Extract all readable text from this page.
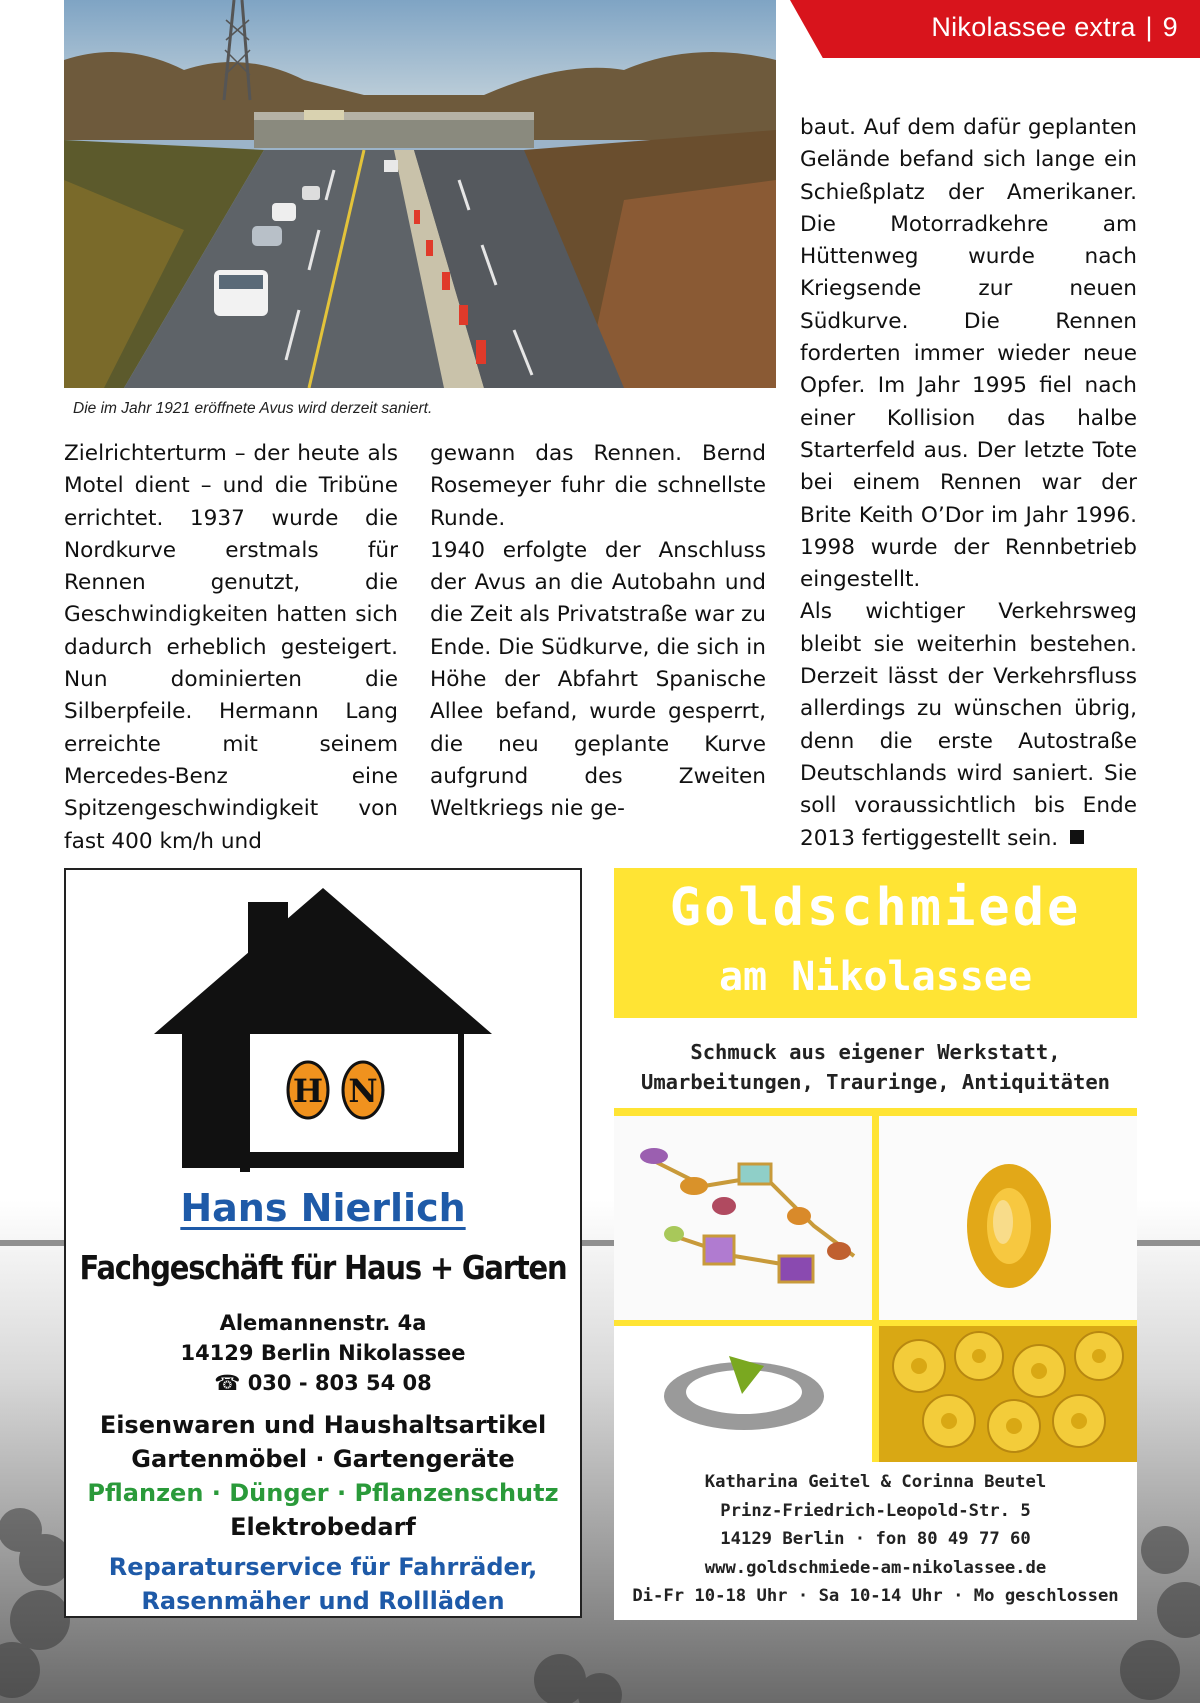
Nikolassee extra | 9
Die im Jahr 1921 eröffnete Avus wird derzeit saniert.

Zielrichterturm – der heute als Motel dient – und die Tribüne errichtet. 1937 wurde die Nordkurve erstmals für Rennen genutzt, die Geschwindigkeiten hatten sich dadurch erheblich gesteigert. Nun dominierten die Silberpfeile. Hermann Lang erreichte mit seinem Mercedes-Benz eine Spitzengeschwindigkeit von fast 400 km/h und

gewann das Rennen. Bernd Rosemeyer fuhr die schnellste Runde.

1940 erfolgte der Anschluss der Avus an die Autobahn und die Zeit als Privatstraße war zu Ende. Die Südkurve, die sich in Höhe der Abfahrt Spanische Allee befand, wurde gesperrt, die neu geplante Kurve aufgrund des Zweiten Weltkriegs nie ge-

baut. Auf dem dafür geplanten Gelände befand sich lange ein Schießplatz der Amerikaner. Die Motorradkehre am Hüttenweg wurde nach Kriegsende zur neuen Südkurve. Die Rennen forderten immer wieder neue Opfer. Im Jahr 1995 fiel nach einer Kollision das halbe Starterfeld aus. Der letzte Tote bei einem Rennen war der Brite Keith O’Dor im Jahr 1996. 1998 wurde der Rennbetrieb eingestellt.

Als wichtiger Verkehrsweg bleibt sie weiterhin bestehen. Derzeit lässt der Verkehrsfluss allerdings zu wünschen übrig, denn die erste Autostraße Deutschlands wird saniert. Sie soll voraussichtlich bis Ende 2013 fertiggestellt sein.

H N
Hans Nierlich
Fachgeschäft für Haus + Garten
Alemannenstr. 4a
14129 Berlin Nikolassee
☎ 030 - 803 54 08
Eisenwaren und Haushaltsartikel
Gartenmöbel · Gartengeräte
Pflanzen · Dünger · Pflanzenschutz
Elektrobedarf
Reparaturservice für Fahrräder,
Rasenmäher und Rollläden
Goldschmiede
am Nikolassee
Schmuck aus eigener Werkstatt,
Umarbeitungen, Trauringe, Antiquitäten
Katharina Geitel & Corinna Beutel
Prinz-Friedrich-Leopold-Str. 5
14129 Berlin · fon 80 49 77 60
www.goldschmiede-am-nikolassee.de
Di-Fr 10-18 Uhr · Sa 10-14 Uhr · Mo geschlossen
